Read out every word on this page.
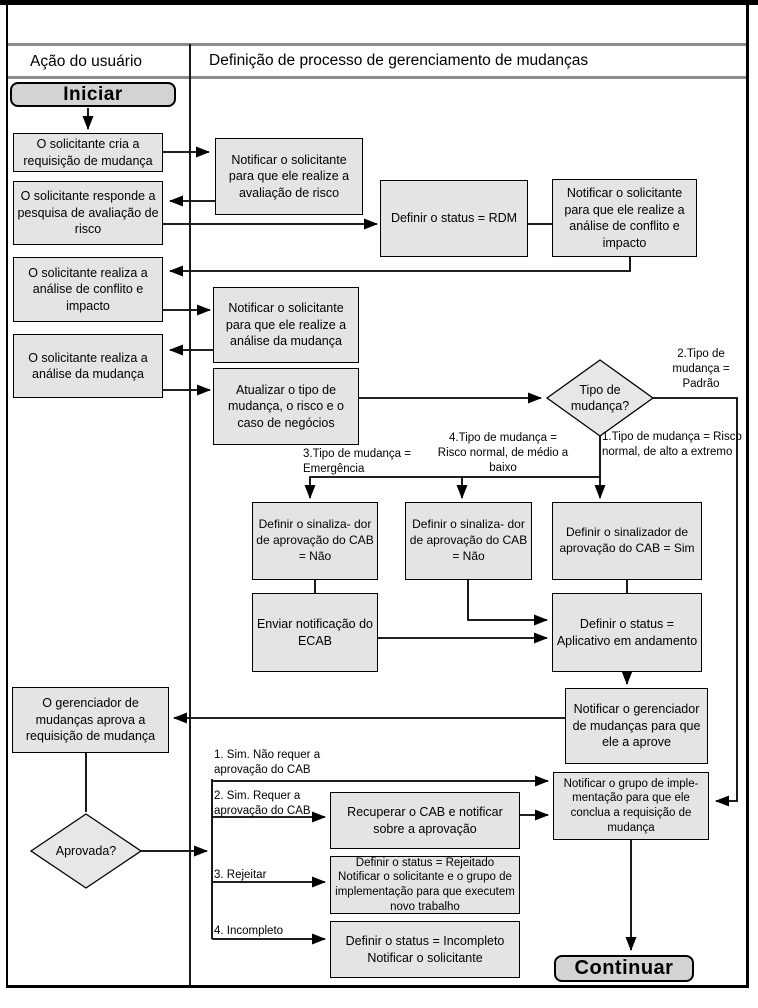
Ação do usuário	Definição de processo de gerenciamento de mudanças
Iniciar
Continuar
O solicitante cria a requisição de mudança
O solicitante responde a pesquisa de avaliação de risco
O solicitante realiza a análise de conflito e impacto
O solicitante realiza a análise da mudança
O gerenciador de mudanças aprova a requisição de mudança
Notificar o solicitante para que ele realize a avaliação de risco
Definir o status = RDM
Notificar o solicitante para que ele realize a análise de conflito e impacto
Notificar o solicitante para que ele realize a análise da mudança
Atualizar o tipo de mudança, o risco e o caso de negócios
Definir o sinaliza- dor de aprovação do CAB = Não
Definir o sinaliza- dor de aprovação do CAB = Não
Definir o sinalizador de aprovação do CAB = Sim
Enviar notificação do ECAB
Definir o status = Aplicativo em andamento
Notificar o gerenciador de mudanças para que ele a aprove
Notificar o grupo de imple- mentação para que ele conclua a requisição de mudança
Recuperar o CAB e notificar sobre a aprovação
Definir o status = Rejeitado Notificar o solicitante e o grupo de implementação para que executem novo trabalho
Definir o status = Incompleto Notificar o solicitante
Tipo de mudança?
Aprovada?
2.Tipo de mudança = Padrão
1.Tipo de mudança = Risco normal, de alto a extremo
3.Tipo de mudança = Emergência
4.Tipo de mudança = Risco normal, de médio a baixo
1. Sim. Não requer a aprovação do CAB
2. Sim. Requer a aprovação do CAB
3. Rejeitar
4. Incompleto
